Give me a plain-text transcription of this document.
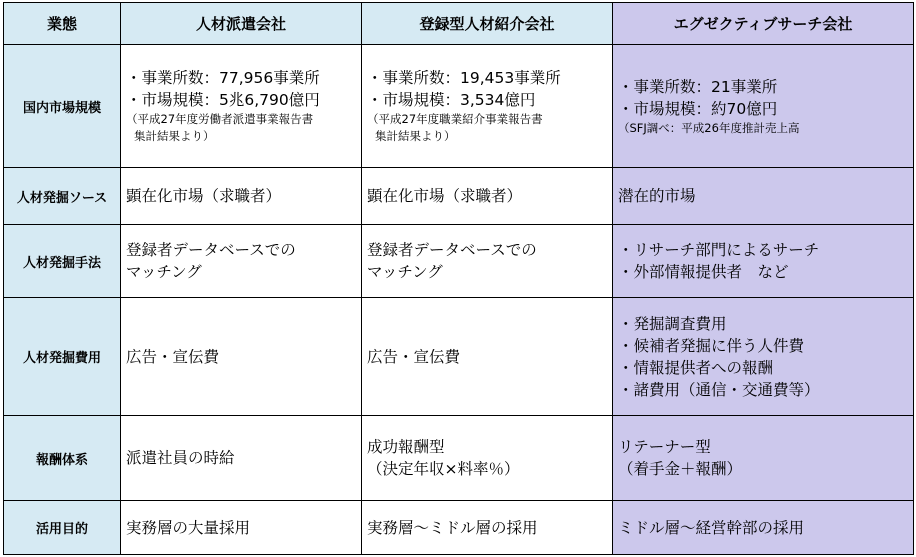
業態	人材派遣会社	登録型人材紹介会社	エグゼクティブサーチ会社
国内市場規模	・事業所数：77,956事業所
・市場規模：5兆6,790億円
（平成27年度労働者派遣事業報告書
集計結果より）	・事業所数：19,453事業所
・市場規模：3,534億円
（平成27年度職業紹介事業報告書
集計結果より）	・事業所数：21事業所
・市場規模：約70億円
（SFJ調べ：平成26年度推計売上高

人材発掘ソース	顕在化市場（求職者）	顕在化市場（求職者）	潜在的市場

人材発掘手法	登録者データベースでの
マッチング	登録者データベースでの
マッチング	・リサーチ部門によるサーチ
・外部情報提供者　など

人材発掘費用	広告・宣伝費	広告・宣伝費	・発掘調査費用
・候補者発掘に伴う人件費
・情報提供者への報酬
・諸費用（通信・交通費等）

報酬体系	派遣社員の時給	成功報酬型
（決定年収×料率％）	リテーナー型
（着手金＋報酬）

活用目的	実務層の大量採用	実務層～ミドル層の採用	ミドル層～経営幹部の採用
